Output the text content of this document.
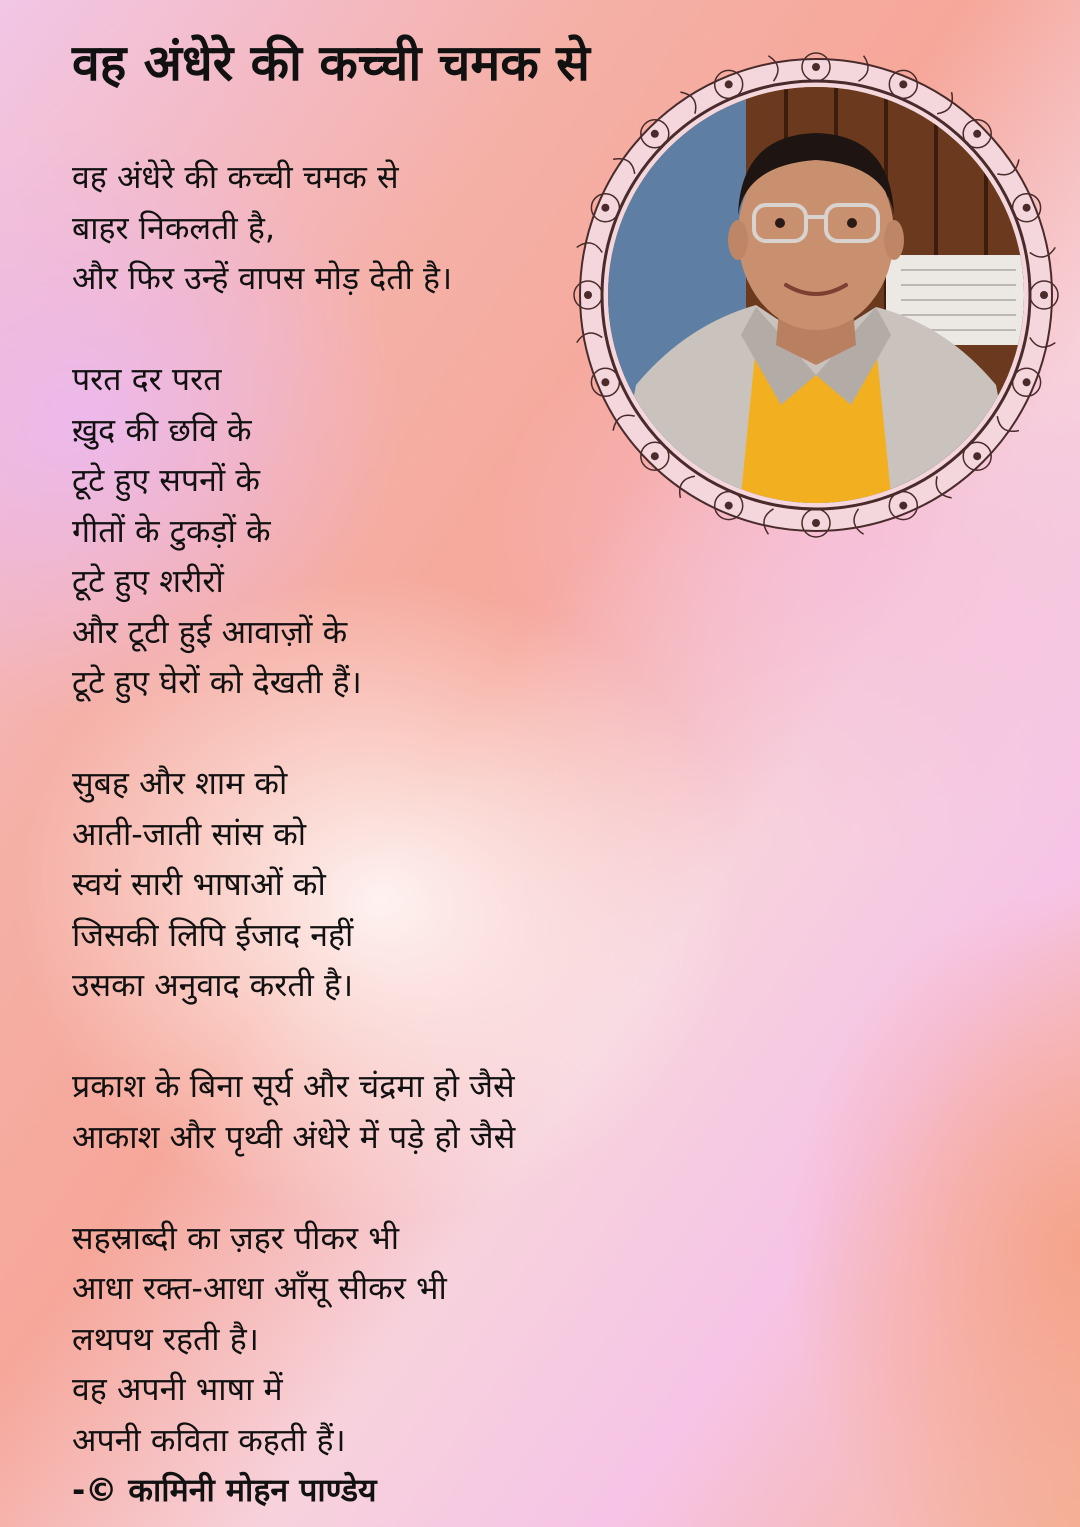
वह अंधेरे की कच्ची चमक से
वह अंधेरे की कच्ची चमक से
बाहर निकलती है,
और फिर उन्हें वापस मोड़ देती है।
परत दर परत
ख़ुद की छवि के
टूटे हुए सपनों के
गीतों के टुकड़ों के
टूटे हुए शरीरों
और टूटी हुई आवाज़ों के
टूटे हुए घेरों को देखती हैं।
सुबह और शाम को
आती-जाती सांस को
स्वयं सारी भाषाओं को
जिसकी लिपि ईजाद नहीं
उसका अनुवाद करती है।
प्रकाश के बिना सूर्य और चंद्रमा हो जैसे
आकाश और पृथ्वी अंधेरे में पड़े हो जैसे
सहस्राब्दी का ज़हर पीकर भी
आधा रक्त-आधा आँसू सीकर भी
लथपथ रहती है।
वह अपनी भाषा में
अपनी कविता कहती हैं।
-© कामिनी मोहन पाण्डेय
